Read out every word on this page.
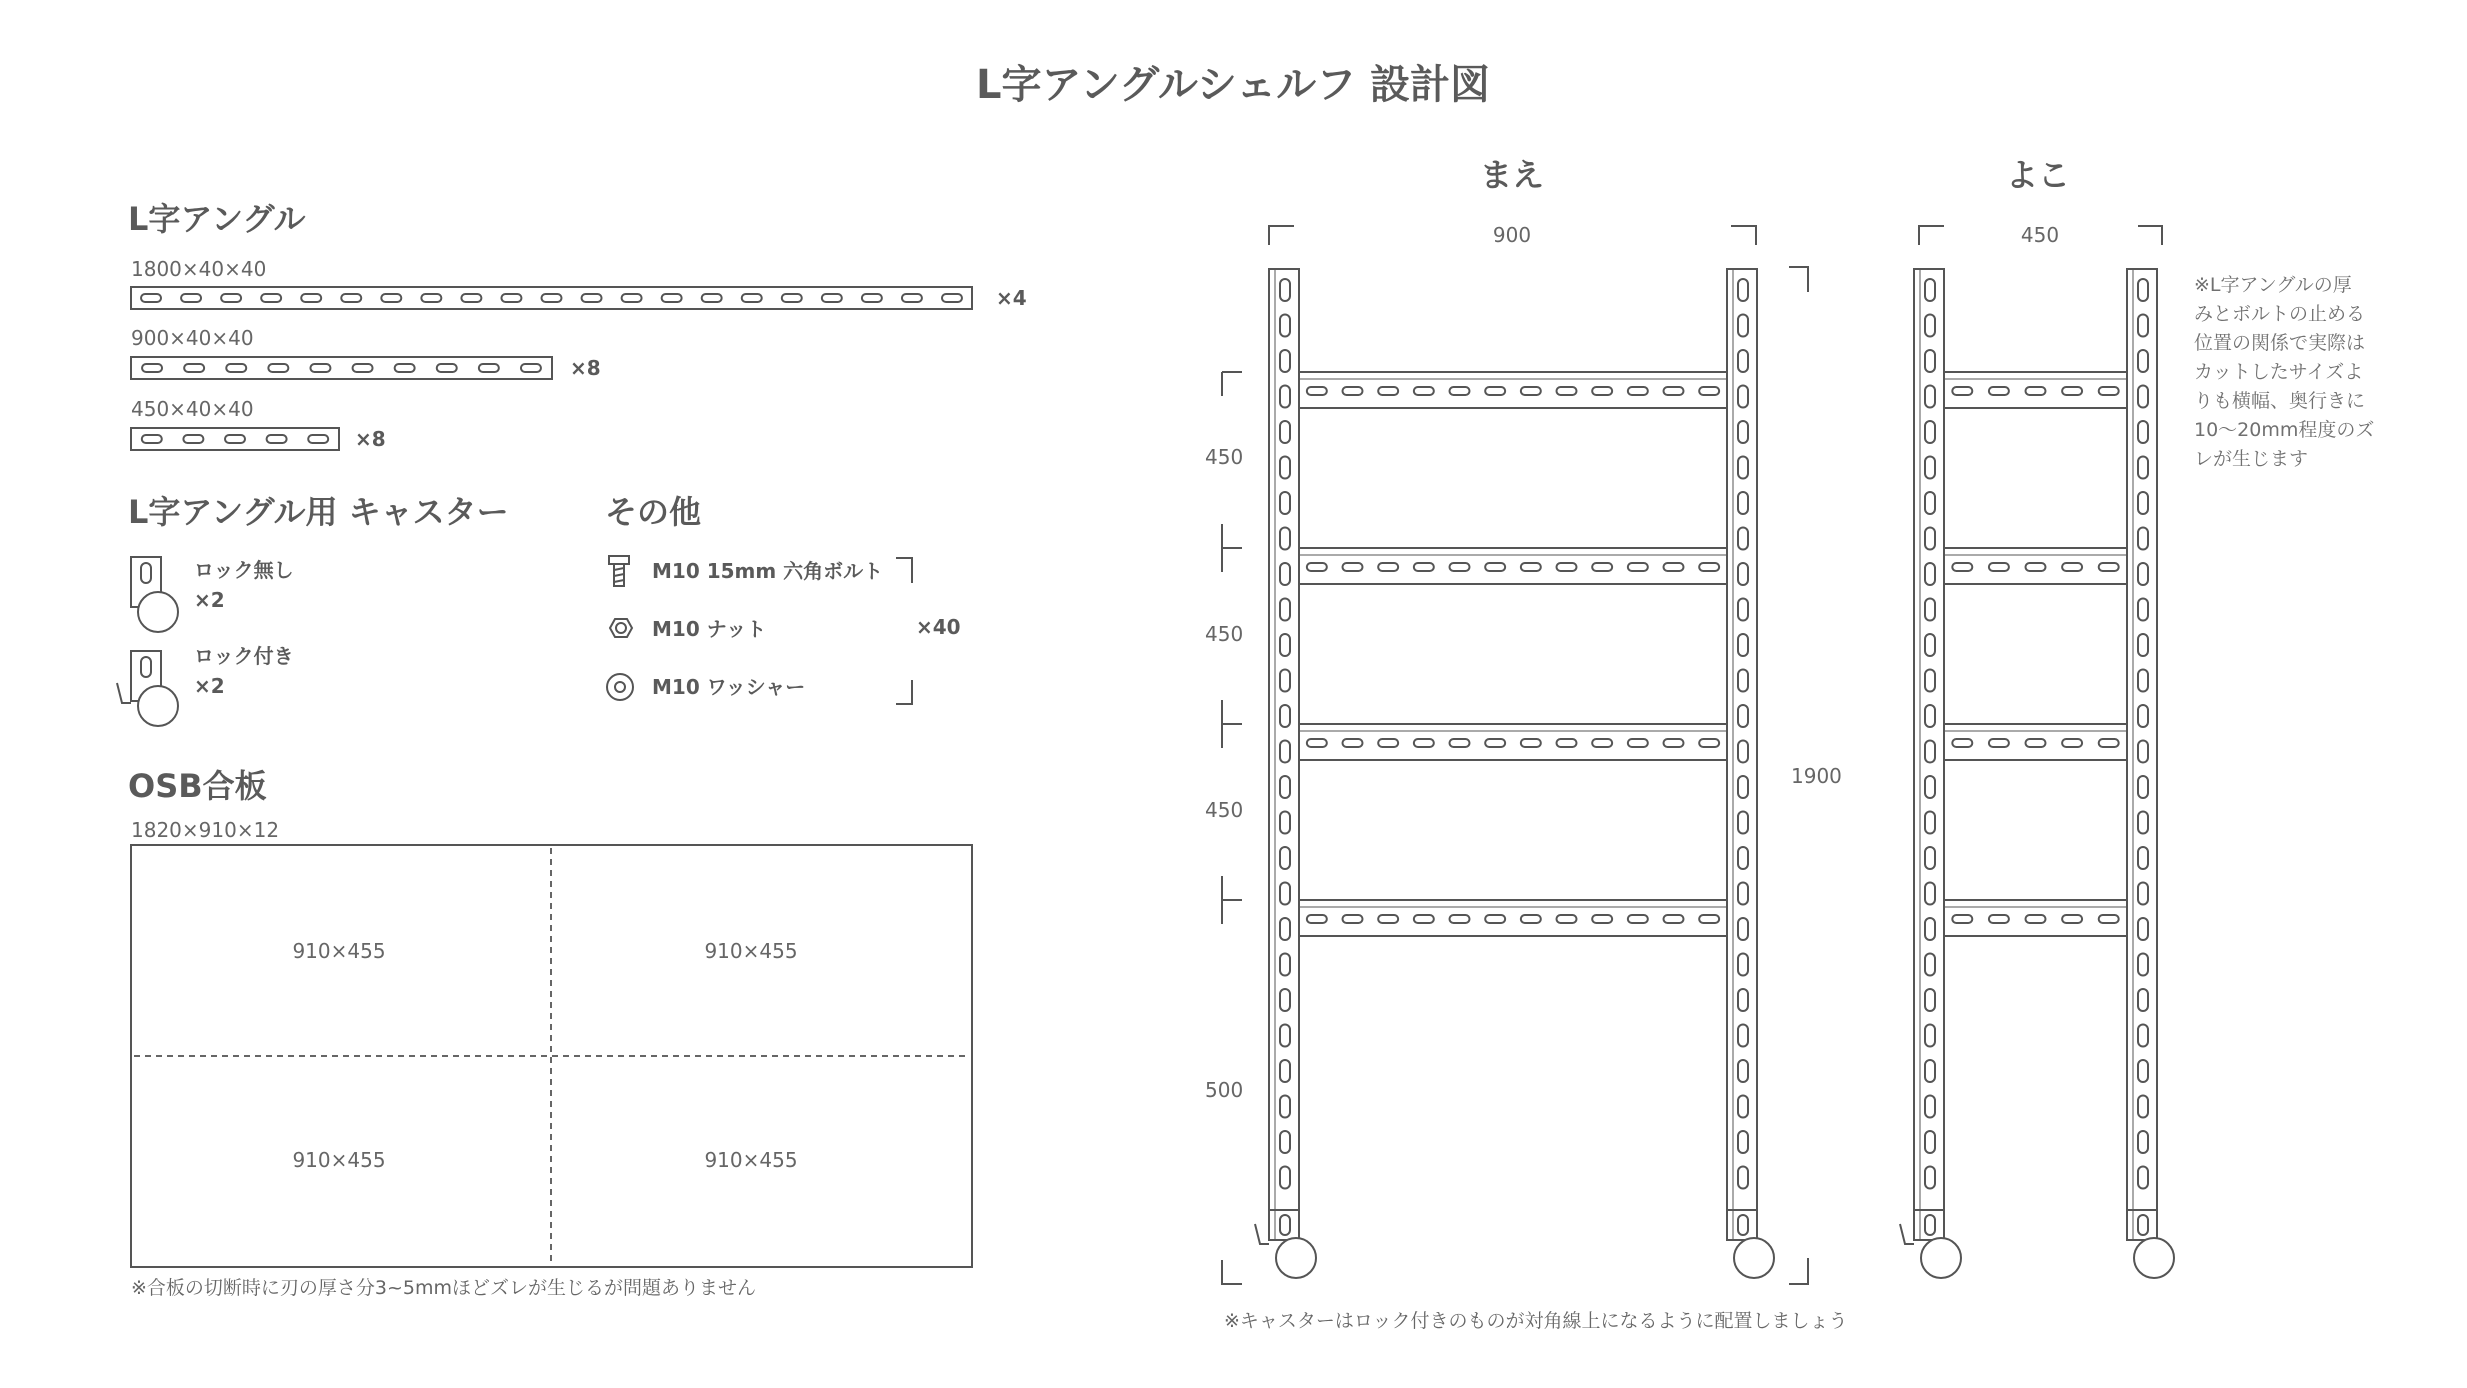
L字アングルシェルフ 設計図
L字アングル
1800×40×40
×4
900×40×40
×8
450×40×40
×8
L字アングル用 キャスター
ロック無し
×2
ロック付き
×2
その他
M10 15mm 六角ボルト
M10 ナット
M10 ワッシャー
×40
OSB合板
1820×910×12
910×455	910×455
910×455	910×455
※合板の切断時に刃の厚さ分3~5mmほどズレが生じるが問題ありません
まえ
900
1900
450
450
450
500
※キャスターはロック付きのものが対角線上になるように配置しましょう
よこ
450
※L字アングルの厚
みとボルトの止める
位置の関係で実際は
カットしたサイズよ
りも横幅、奥行きに
10～20mm程度のズ
レが生じます
